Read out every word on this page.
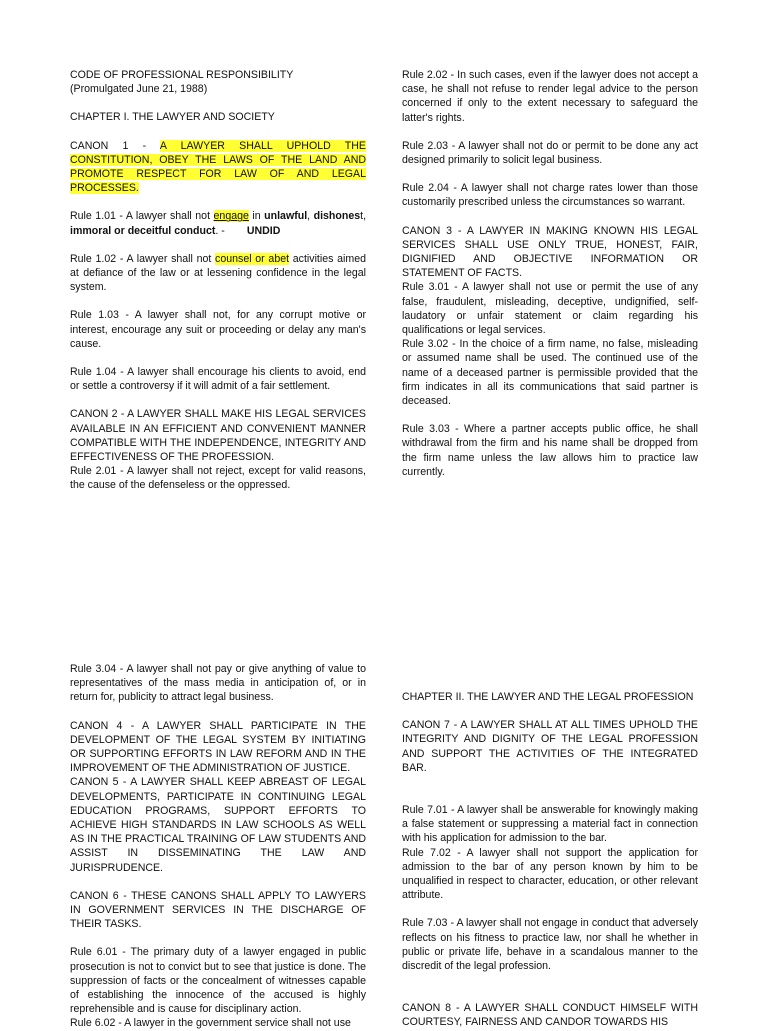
CODE OF PROFESSIONAL RESPONSIBILITY

(Promulgated June 21, 1988)

CHAPTER I. THE LAWYER AND SOCIETY

CANON 1 - A LAWYER SHALL UPHOLD THE CONSTITUTION, OBEY THE LAWS OF THE LAND AND PROMOTE RESPECT FOR LAW OF AND LEGAL PROCESSES.

Rule 1.01 - A lawyer shall not engage in unlawful, dishonest, immoral or deceitful conduct. - UNDID

Rule 1.02 - A lawyer shall not counsel or abet activities aimed at defiance of the law or at lessening confidence in the legal system.

Rule 1.03 - A lawyer shall not, for any corrupt motive or interest, encourage any suit or proceeding or delay any man's cause.

Rule 1.04 - A lawyer shall encourage his clients to avoid, end or settle a controversy if it will admit of a fair settlement.

CANON 2 - A LAWYER SHALL MAKE HIS LEGAL SERVICES AVAILABLE IN AN EFFICIENT AND CONVENIENT MANNER COMPATIBLE WITH THE INDEPENDENCE, INTEGRITY AND EFFECTIVENESS OF THE PROFESSION.

Rule 2.01 - A lawyer shall not reject, except for valid reasons, the cause of the defenseless or the oppressed.

Rule 2.02 - In such cases, even if the lawyer does not accept a case, he shall not refuse to render legal advice to the person concerned if only to the extent necessary to safeguard the latter's rights.

Rule 2.03 - A lawyer shall not do or permit to be done any act designed primarily to solicit legal business.

Rule 2.04 - A lawyer shall not charge rates lower than those customarily prescribed unless the circumstances so warrant.

CANON 3 - A LAWYER IN MAKING KNOWN HIS LEGAL SERVICES SHALL USE ONLY TRUE, HONEST, FAIR, DIGNIFIED AND OBJECTIVE INFORMATION OR STATEMENT OF FACTS.

Rule 3.01 - A lawyer shall not use or permit the use of any false, fraudulent, misleading, deceptive, undignified, self-laudatory or unfair statement or claim regarding his qualifications or legal services.

Rule 3.02 - In the choice of a firm name, no false, misleading or assumed name shall be used. The continued use of the name of a deceased partner is permissible provided that the firm indicates in all its communications that said partner is deceased.

Rule 3.03 - Where a partner accepts public office, he shall withdrawal from the firm and his name shall be dropped from the firm name unless the law allows him to practice law currently.

Rule 3.04 - A lawyer shall not pay or give anything of value to representatives of the mass media in anticipation of, or in return for, publicity to attract legal business.

CANON 4 - A LAWYER SHALL PARTICIPATE IN THE DEVELOPMENT OF THE LEGAL SYSTEM BY INITIATING OR SUPPORTING EFFORTS IN LAW REFORM AND IN THE IMPROVEMENT OF THE ADMINISTRATION OF JUSTICE.

CANON 5 - A LAWYER SHALL KEEP ABREAST OF LEGAL DEVELOPMENTS, PARTICIPATE IN CONTINUING LEGAL EDUCATION PROGRAMS, SUPPORT EFFORTS TO ACHIEVE HIGH STANDARDS IN LAW SCHOOLS AS WELL AS IN THE PRACTICAL TRAINING OF LAW STUDENTS AND ASSIST IN DISSEMINATING THE LAW AND JURISPRUDENCE.

CANON 6 - THESE CANONS SHALL APPLY TO LAWYERS IN GOVERNMENT SERVICES IN THE DISCHARGE OF THEIR TASKS.

Rule 6.01 - The primary duty of a lawyer engaged in public prosecution is not to convict but to see that justice is done. The suppression of facts or the concealment of witnesses capable of establishing the innocence of the accused is highly reprehensible and is cause for disciplinary action.

Rule 6.02 - A lawyer in the government service shall not use

CHAPTER II. THE LAWYER AND THE LEGAL PROFESSION

CANON 7 - A LAWYER SHALL AT ALL TIMES UPHOLD THE INTEGRITY AND DIGNITY OF THE LEGAL PROFESSION AND SUPPORT THE ACTIVITIES OF THE INTEGRATED BAR.

Rule 7.01 - A lawyer shall be answerable for knowingly making a false statement or suppressing a material fact in connection with his application for admission to the bar.

Rule 7.02 - A lawyer shall not support the application for admission to the bar of any person known by him to be unqualified in respect to character, education, or other relevant attribute.

Rule 7.03 - A lawyer shall not engage in conduct that adversely reflects on his fitness to practice law, nor shall he whether in public or private life, behave in a scandalous manner to the discredit of the legal profession.

CANON 8 - A LAWYER SHALL CONDUCT HIMSELF WITH COURTESY, FAIRNESS AND CANDOR TOWARDS HIS
